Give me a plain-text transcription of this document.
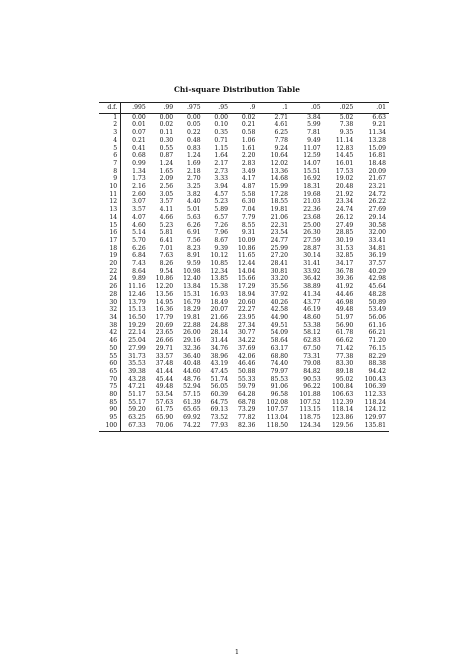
Chi-square Distribution Table
d.f.	.995	.99	.975	.95	.9	.1	.05	.025	.01
1	0.00	0.00	0.00	0.00	0.02	2.71	3.84	5.02	6.63
2	0.01	0.02	0.05	0.10	0.21	4.61	5.99	7.38	9.21
3	0.07	0.11	0.22	0.35	0.58	6.25	7.81	9.35	11.34
4	0.21	0.30	0.48	0.71	1.06	7.78	9.49	11.14	13.28
5	0.41	0.55	0.83	1.15	1.61	9.24	11.07	12.83	15.09
6	0.68	0.87	1.24	1.64	2.20	10.64	12.59	14.45	16.81
7	0.99	1.24	1.69	2.17	2.83	12.02	14.07	16.01	18.48
8	1.34	1.65	2.18	2.73	3.49	13.36	15.51	17.53	20.09
9	1.73	2.09	2.70	3.33	4.17	14.68	16.92	19.02	21.67
10	2.16	2.56	3.25	3.94	4.87	15.99	18.31	20.48	23.21
11	2.60	3.05	3.82	4.57	5.58	17.28	19.68	21.92	24.72
12	3.07	3.57	4.40	5.23	6.30	18.55	21.03	23.34	26.22
13	3.57	4.11	5.01	5.89	7.04	19.81	22.36	24.74	27.69
14	4.07	4.66	5.63	6.57	7.79	21.06	23.68	26.12	29.14
15	4.60	5.23	6.26	7.26	8.55	22.31	25.00	27.49	30.58
16	5.14	5.81	6.91	7.96	9.31	23.54	26.30	28.85	32.00
17	5.70	6.41	7.56	8.67	10.09	24.77	27.59	30.19	33.41
18	6.26	7.01	8.23	9.39	10.86	25.99	28.87	31.53	34.81
19	6.84	7.63	8.91	10.12	11.65	27.20	30.14	32.85	36.19
20	7.43	8.26	9.59	10.85	12.44	28.41	31.41	34.17	37.57
22	8.64	9.54	10.98	12.34	14.04	30.81	33.92	36.78	40.29
24	9.89	10.86	12.40	13.85	15.66	33.20	36.42	39.36	42.98
26	11.16	12.20	13.84	15.38	17.29	35.56	38.89	41.92	45.64
28	12.46	13.56	15.31	16.93	18.94	37.92	41.34	44.46	48.28
30	13.79	14.95	16.79	18.49	20.60	40.26	43.77	46.98	50.89
32	15.13	16.36	18.29	20.07	22.27	42.58	46.19	49.48	53.49
34	16.50	17.79	19.81	21.66	23.95	44.90	48.60	51.97	56.06
38	19.29	20.69	22.88	24.88	27.34	49.51	53.38	56.90	61.16
42	22.14	23.65	26.00	28.14	30.77	54.09	58.12	61.78	66.21
46	25.04	26.66	29.16	31.44	34.22	58.64	62.83	66.62	71.20
50	27.99	29.71	32.36	34.76	37.69	63.17	67.50	71.42	76.15
55	31.73	33.57	36.40	38.96	42.06	68.80	73.31	77.38	82.29
60	35.53	37.48	40.48	43.19	46.46	74.40	79.08	83.30	88.38
65	39.38	41.44	44.60	47.45	50.88	79.97	84.82	89.18	94.42
70	43.28	45.44	48.76	51.74	55.33	85.53	90.53	95.02	100.43
75	47.21	49.48	52.94	56.05	59.79	91.06	96.22	100.84	106.39
80	51.17	53.54	57.15	60.39	64.28	96.58	101.88	106.63	112.33
85	55.17	57.63	61.39	64.75	68.78	102.08	107.52	112.39	118.24
90	59.20	61.75	65.65	69.13	73.29	107.57	113.15	118.14	124.12
95	63.25	65.90	69.92	73.52	77.82	113.04	118.75	123.86	129.97
100	67.33	70.06	74.22	77.93	82.36	118.50	124.34	129.56	135.81
1
